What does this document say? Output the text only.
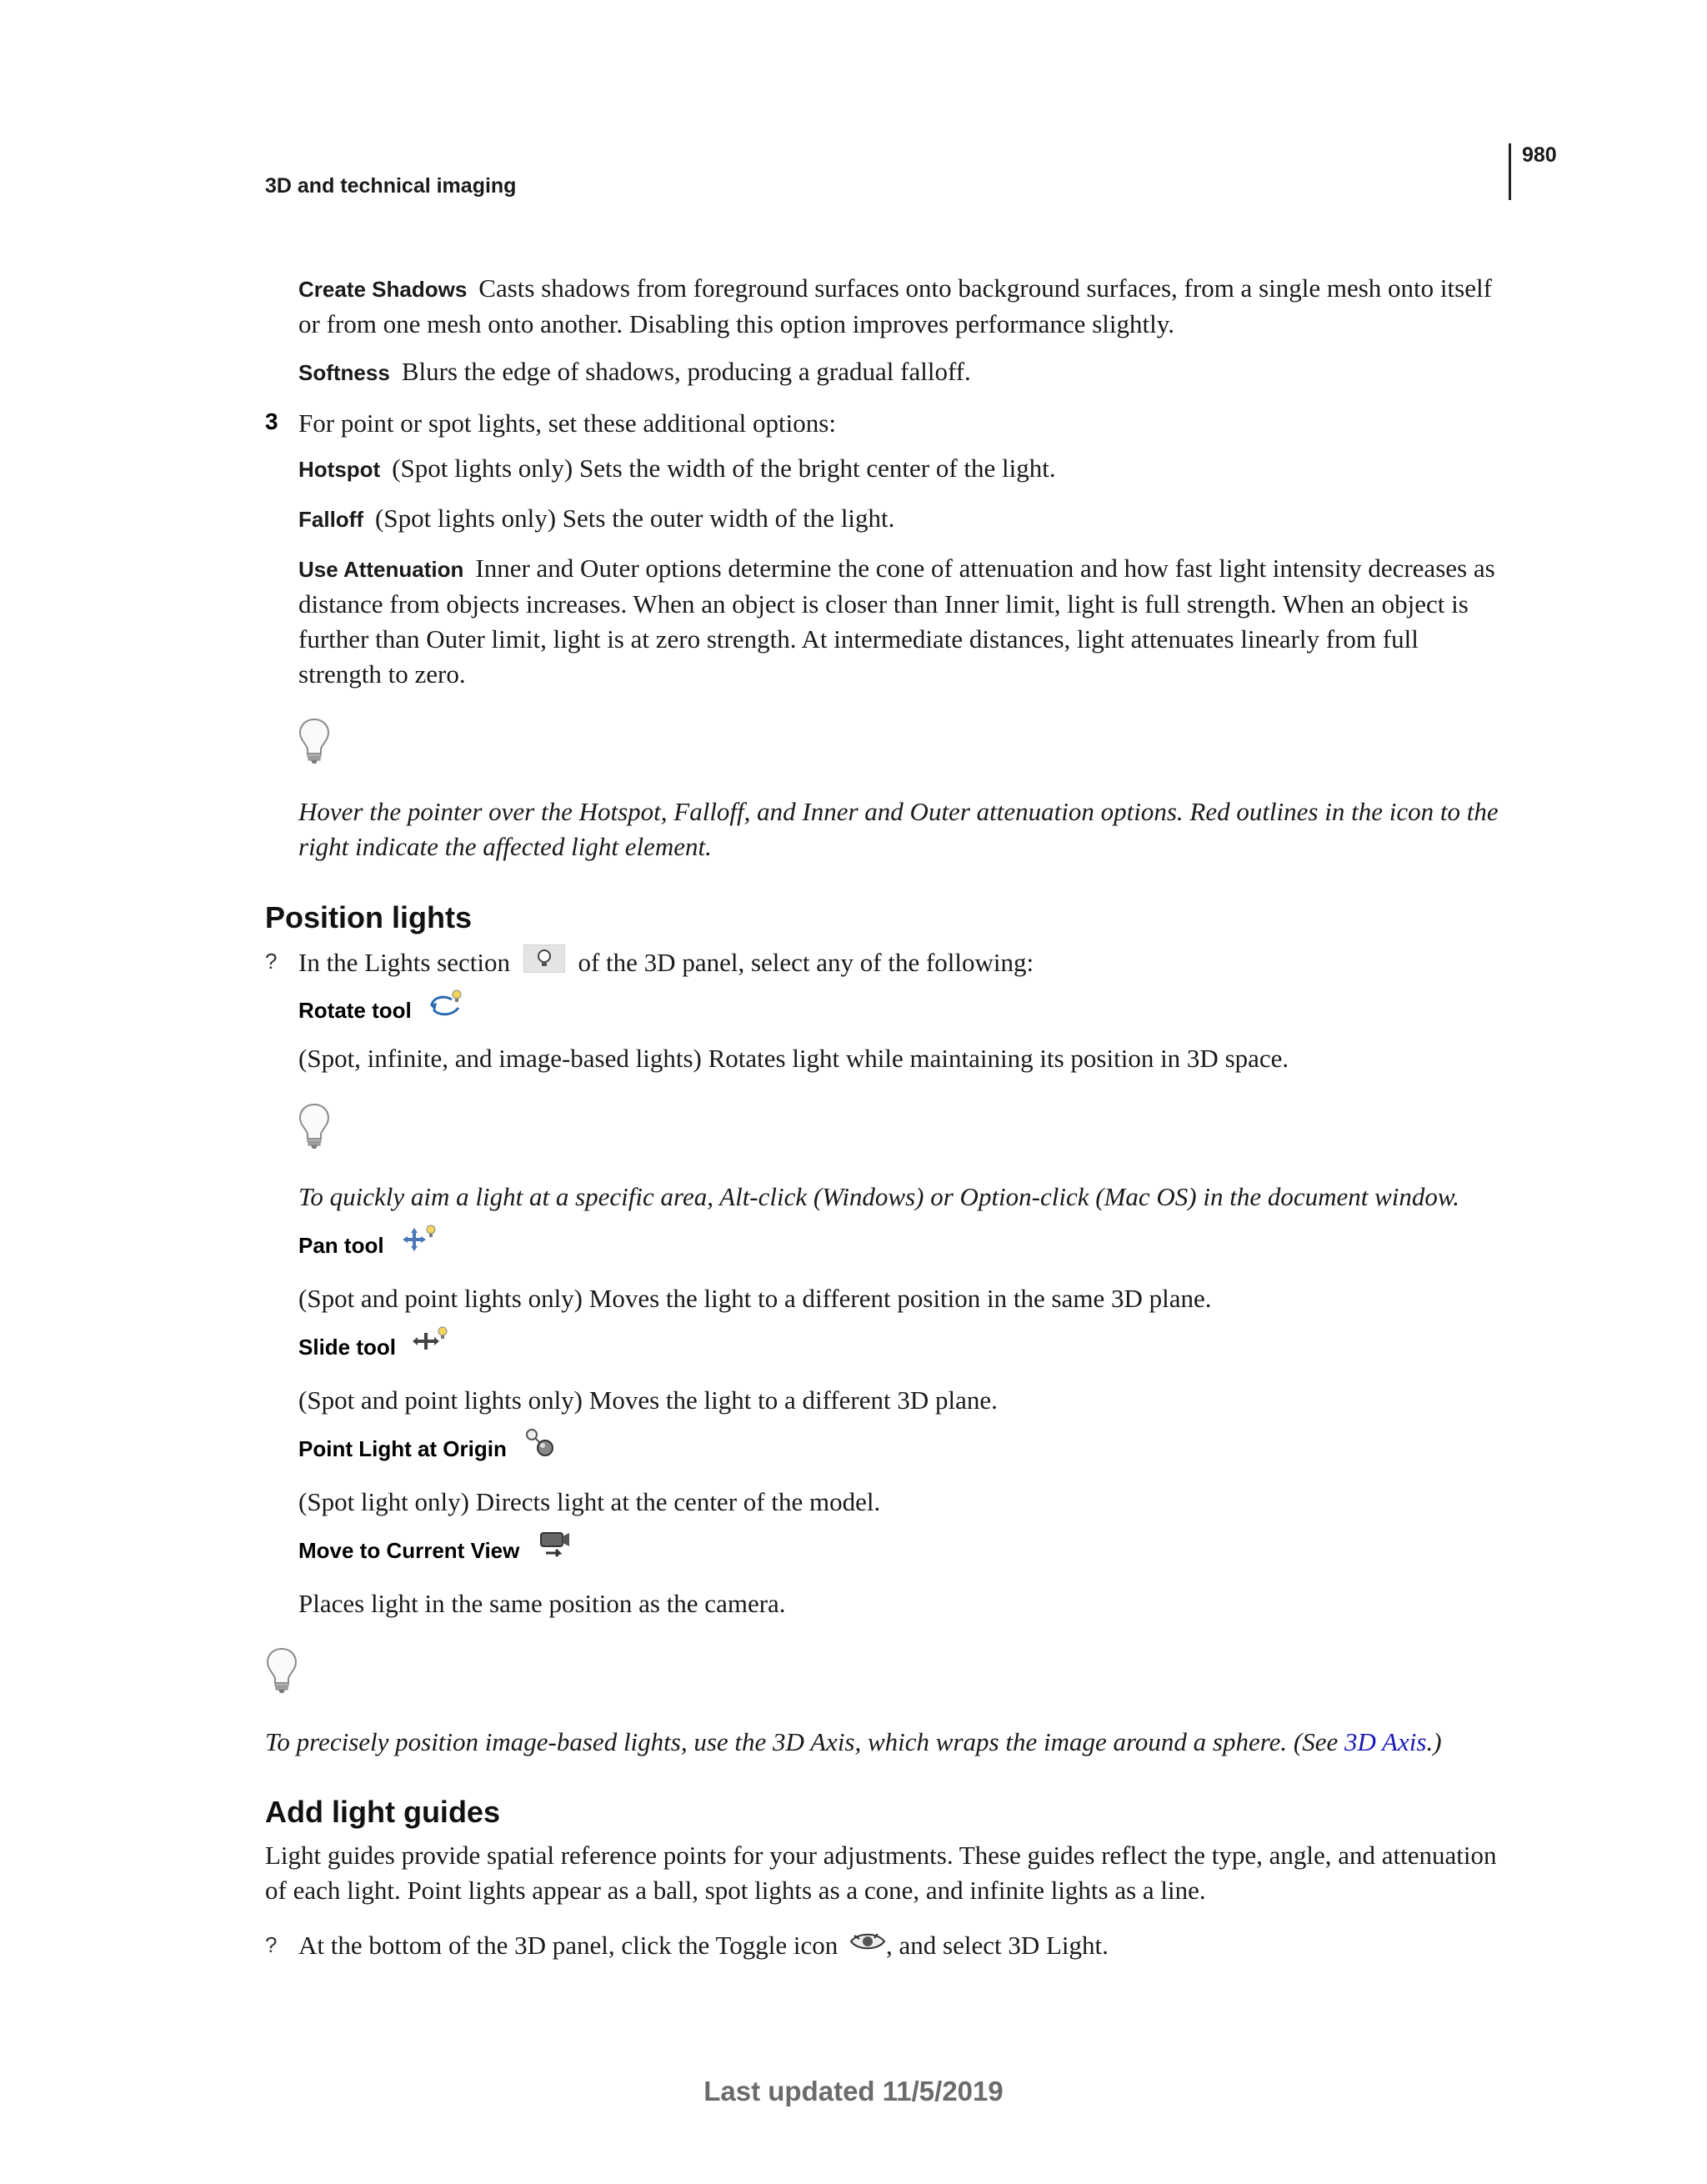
980
3D and technical imaging

Create Shadows Casts shadows from foreground surfaces onto background surfaces, from a single mesh onto itself or from one mesh onto another. Disabling this option improves performance slightly.

Softness Blurs the edge of shadows, producing a gradual falloff.

3 For point or spot lights, set these additional options:

Hotspot (Spot lights only) Sets the width of the bright center of the light.

Falloff (Spot lights only) Sets the outer width of the light.

Use Attenuation Inner and Outer options determine the cone of attenuation and how fast light intensity decreases as distance from objects increases. When an object is closer than Inner limit, light is full strength. When an object is further than Outer limit, light is at zero strength. At intermediate distances, light attenuates linearly from full strength to zero.

Hover the pointer over the Hotspot, Falloff, and Inner and Outer attenuation options. Red outlines in the icon to the right indicate the affected light element.

Position lights
? In the Lights section	of the 3D panel, select any of the following:

Rotate tool

(Spot, infinite, and image-based lights) Rotates light while maintaining its position in 3D space.

To quickly aim a light at a specific area, Alt-click (Windows) or Option-click (Mac OS) in the document window.

Pan tool

(Spot and point lights only) Moves the light to a different position in the same 3D plane.

Slide tool

(Spot and point lights only) Moves the light to a different 3D plane.

Point Light at Origin

(Spot light only) Directs light at the center of the model.

Move to Current View

Places light in the same position as the camera.

To precisely position image-based lights, use the 3D Axis, which wraps the image around a sphere. (See 3D Axis.)

Add light guides

Light guides provide spatial reference points for your adjustments. These guides reflect the type, angle, and attenuation of each light. Point lights appear as a ball, spot lights as a cone, and infinite lights as a line.

? At the bottom of the 3D panel, click the Toggle icon , and select 3D Light.

Last updated 11/5/2019
